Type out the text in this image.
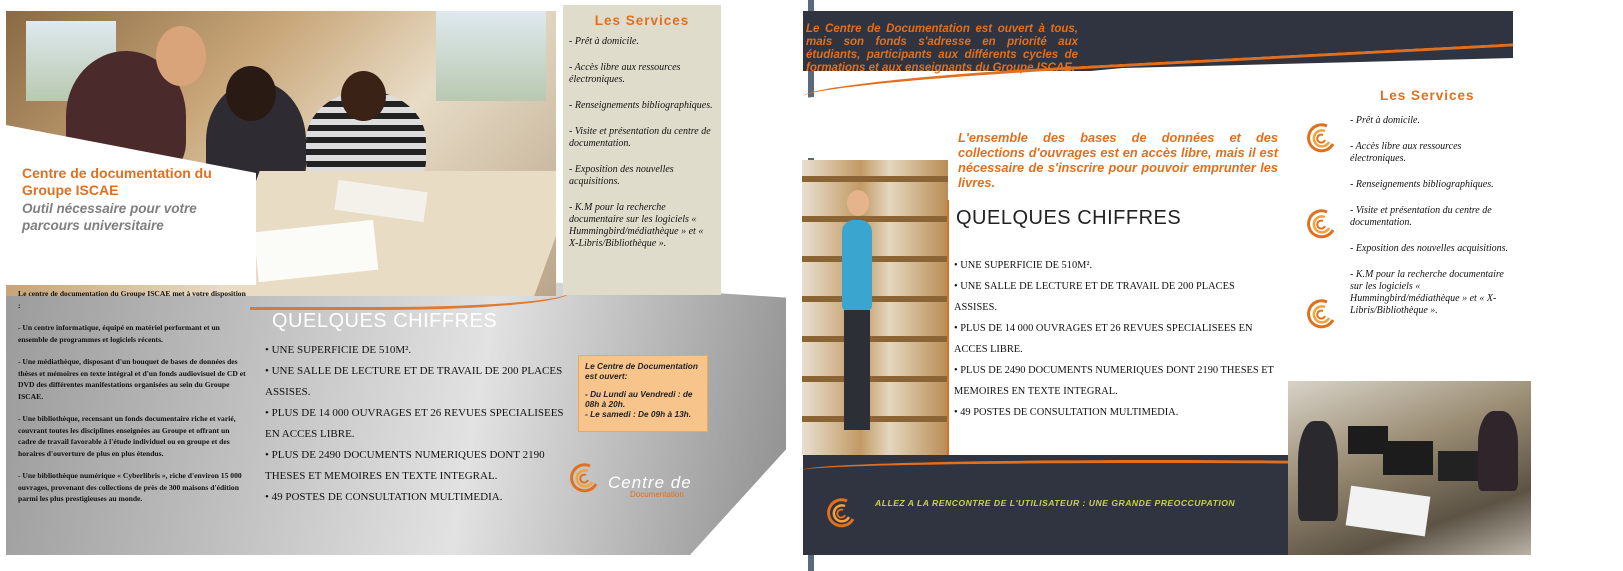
Centre de documentation du Groupe ISCAE
Outil nécessaire pour votre parcours universitaire

Le centre de documentation du Groupe ISCAE met à votre disposition :

- Un centre informatique, équipé en matériel performant et un ensemble de programmes et logiciels récents.

- Une médiathèque, disposant d'un bouquet de bases de données des thèses et mémoires en texte intégral et d'un fonds audiovisuel de CD et DVD des différentes manifestations organisées au sein du Groupe ISCAE.

- Une bibliothèque, recensant un fonds documentaire riche et varié, couvrant toutes les disciplines enseignées au Groupe et offrant un cadre de travail favorable à l'étude individuel ou en groupe et des horaires d'ouverture de plus en plus étendus.

- Une bibliothèque numérique « Cyberlibris », riche d'environ 15 000 ouvrages, provenant des collections de près de 300 maisons d'édition parmi les plus prestigieuses au monde.

QUELQUES CHIFFRES
• UNE SUPERFICIE DE 510M².
• UNE SALLE DE LECTURE ET DE TRAVAIL DE 200 PLACES ASSISES.
• PLUS DE 14 000 OUVRAGES ET 26 REVUES SPECIALISEES EN ACCES LIBRE.
• PLUS DE 2490 DOCUMENTS NUMERIQUES DONT 2190 THESES ET MEMOIRES EN TEXTE INTEGRAL.
• 49 POSTES DE CONSULTATION MULTIMEDIA.
Le Centre de Documentation est ouvert:
- Du Lundi au Vendredi : de 08h à 20h.
- Le samedi : De 09h à 13h.
Centre de
Documentation
Les Services
- Prêt à domicile.
- Accès libre aux ressources électroniques.
- Renseignements bibliographiques.
- Visite et présentation du centre de documentation.
- Exposition des nouvelles acquisitions.
- K.M pour la recherche documentaire sur les logiciels « Hummingbird/médiathèque » et « X-Libris/Bibliothèque ».
Le Centre de Documentation est ouvert à tous, mais son fonds s'adresse en priorité aux étudiants, participants aux différents cycles de formations et aux enseignants du Groupe ISCAE.
L'ensemble des bases de données et des collections d'ouvrages est en accès libre, mais il est nécessaire de s'inscrire pour pouvoir emprunter les livres.
QUELQUES CHIFFRES
• UNE SUPERFICIE DE 510M².
• UNE SALLE DE LECTURE ET DE TRAVAIL DE 200 PLACES ASSISES.
• PLUS DE 14 000 OUVRAGES ET 26 REVUES SPECIALISEES EN ACCES LIBRE.
• PLUS DE 2490 DOCUMENTS NUMERIQUES DONT 2190 THESES ET MEMOIRES EN TEXTE INTEGRAL.
• 49 POSTES DE CONSULTATION MULTIMEDIA.
Les Services
- Prêt à domicile.
- Accès libre aux ressources électroniques.
- Renseignements bibliographiques.
- Visite et présentation du centre de documentation.
- Exposition des nouvelles acquisitions.
- K.M pour la recherche documentaire sur les logiciels « Hummingbird/médiathèque » et « X-Libris/Bibliothèque ».
ALLEZ A LA RENCONTRE DE L'UTILISATEUR : UNE GRANDE PREOCCUPATION
